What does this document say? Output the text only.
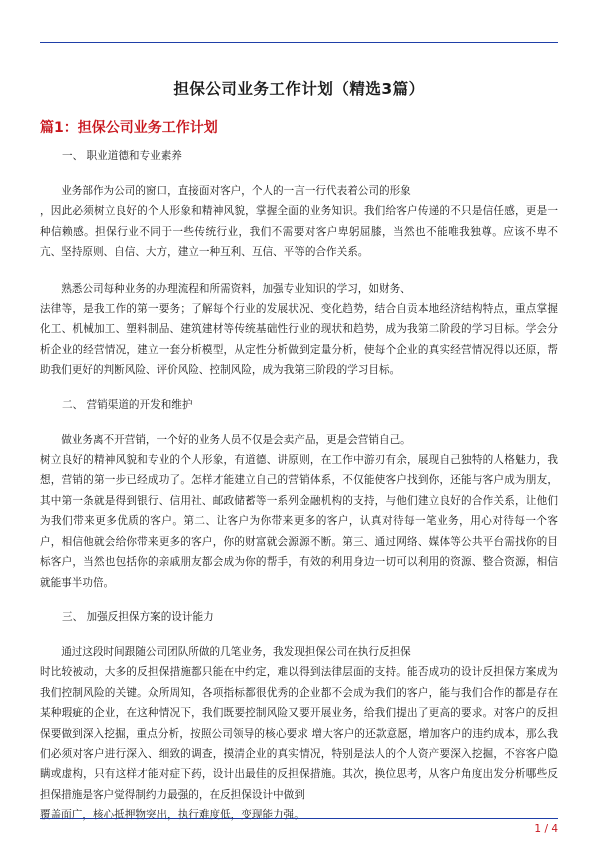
担保公司业务工作计划（精选3篇）
篇1：担保公司业务工作计划

一、 职业道德和专业素养

业务部作为公司的窗口，直接面对客户，个人的一言一行代表着公司的形象
，因此必须树立良好的个人形象和精神风貌，掌握全面的业务知识。我们给客户传递的不只是信任感，更是一种信赖感。担保行业不同于一些传统行业，我们不需要对客户卑躬屈膝，当然也不能唯我独尊。应该不卑不亢、坚持原则、自信、大方，建立一种互利、互信、平等的合作关系。

熟悉公司每种业务的办理流程和所需资料，加强专业知识的学习，如财务、
法律等，是我工作的第一要务；了解每个行业的发展状况、变化趋势，结合自贡本地经济结构特点，重点掌握化工、机械加工、塑料制品、建筑建材等传统基础性行业的现状和趋势，成为我第二阶段的学习目标。学会分析企业的经营情况，建立一套分析模型，从定性分析做到定量分析，使每个企业的真实经营情况得以还原，帮助我们更好的判断风险、评价风险、控制风险，成为我第三阶段的学习目标。

二、 营销渠道的开发和维护

做业务离不开营销，一个好的业务人员不仅是会卖产品，更是会营销自己。
树立良好的精神风貌和专业的个人形象，有道德、讲原则，在工作中游刃有余，展现自己独特的人格魅力，我想，营销的第一步已经成功了。怎样才能建立自己的营销体系，不仅能使客户找到你，还能与客户成为朋友，其中第一条就是得到银行、信用社、邮政储蓄等一系列金融机构的支持，与他们建立良好的合作关系，让他们为我们带来更多优质的客户。第二、让客户为你带来更多的客户，认真对待每一笔业务，用心对待每一个客户，相信他就会给你带来更多的客户，你的财富就会源源不断。第三、通过网络、媒体等公共平台需找你的目标客户，当然也包括你的亲戚朋友都会成为你的帮手，有效的利用身边一切可以利用的资源、整合资源，相信就能事半功倍。

三、 加强反担保方案的设计能力

通过这段时间跟随公司团队所做的几笔业务，我发现担保公司在执行反担保
时比较被动，大多的反担保措施都只能在中约定，难以得到法律层面的支持。能否成功的设计反担保方案成为我们控制风险的关键。众所周知，各项指标都很优秀的企业都不会成为我们的客户，能与我们合作的都是存在某种瑕疵的企业，在这种情况下，我们既要控制风险又要开展业务，给我们提出了更高的要求。对客户的反担保要做到深入挖掘，重点分析，按照公司领导的核心要求 增大客户的还款意愿，增加客户的违约成本，那么我们必须对客户进行深入、细致的调查，摸清企业的真实情况，特别是法人的个人资产要深入挖掘，不容客户隐瞒或虚构，只有这样才能对症下药，设计出最佳的反担保措施。其次，换位思考，从客户角度出发分析哪些反担保措施是客户觉得制约力最强的，在反担保设计中做到
覆盖面广，核心抵押物突出，执行难度低，变现能力强。

1 / 4
